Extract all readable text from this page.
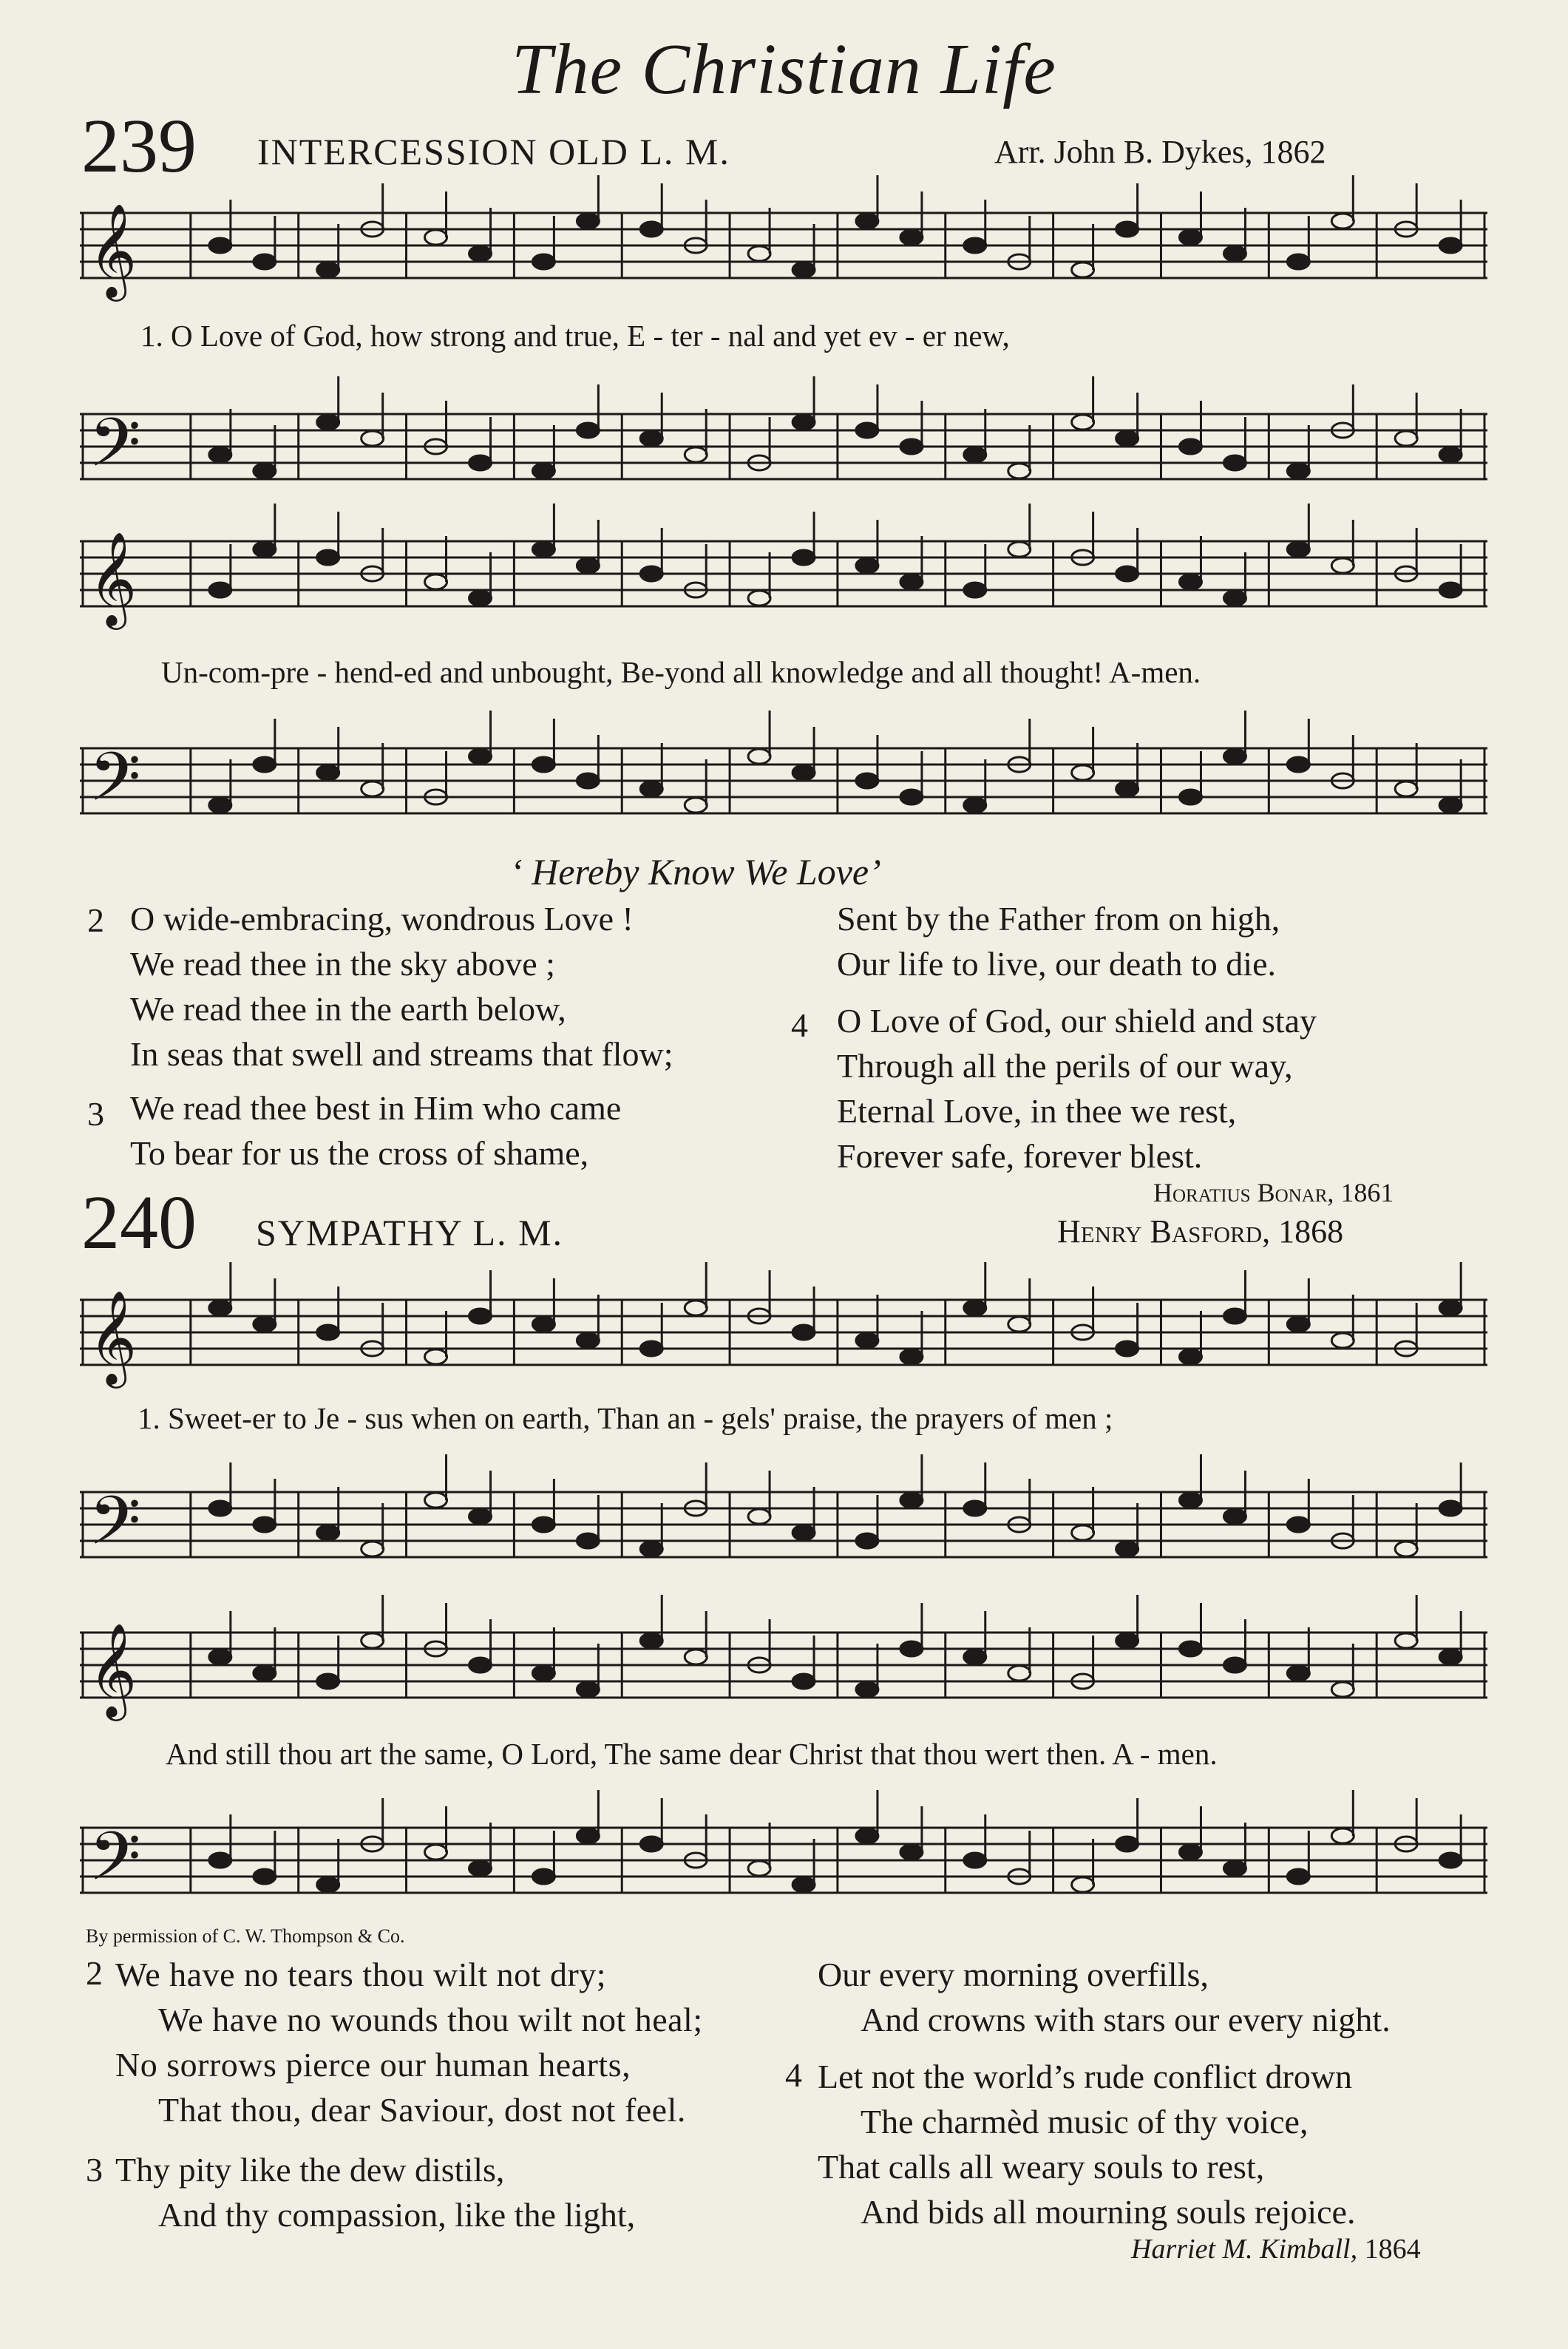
The Christian Life
239 INTERCESSION OLD L. M.	Arr. John B. Dykes, 1862
𝄞
1. O Love of God, how strong and true, E - ter - nal and yet ev - er new,
𝄢
𝄞
Un-com-pre - hend-ed and unbought, Be-yond all knowledge and all thought! A-men.
𝄢
‘ Hereby Know We Love’
2 O wide-embracing, wondrous Love !
We read thee in the sky above ;
We read thee in the earth below,
In seas that swell and streams that flow;
3 We read thee best in Him who came
To bear for us the cross of shame,
Sent by the Father from on high,
Our life to live, our death to die.
4 O Love of God, our shield and stay
Through all the perils of our way,
Eternal Love, in thee we rest,
Forever safe, forever blest.
Horatius Bonar, 1861
240 SYMPATHY L. M.	Henry Basford, 1868
𝄞
1. Sweet-er to Je - sus when on earth, Than an - gels' praise, the prayers of men ;
𝄢
𝄞
And still thou art the same, O Lord, The same dear Christ that thou wert then. A - men.
𝄢
By permission of C. W. Thompson & Co.
2 We have no tears thou wilt not dry;
We have no wounds thou wilt not heal;
No sorrows pierce our human hearts,
That thou, dear Saviour, dost not feel.
3 Thy pity like the dew distils,
And thy compassion, like the light,
Our every morning overfills,
And crowns with stars our every night.
4 Let not the world’s rude conflict drown
The charmèd music of thy voice,
That calls all weary souls to rest,
And bids all mourning souls rejoice.
Harriet M. Kimball, 1864
